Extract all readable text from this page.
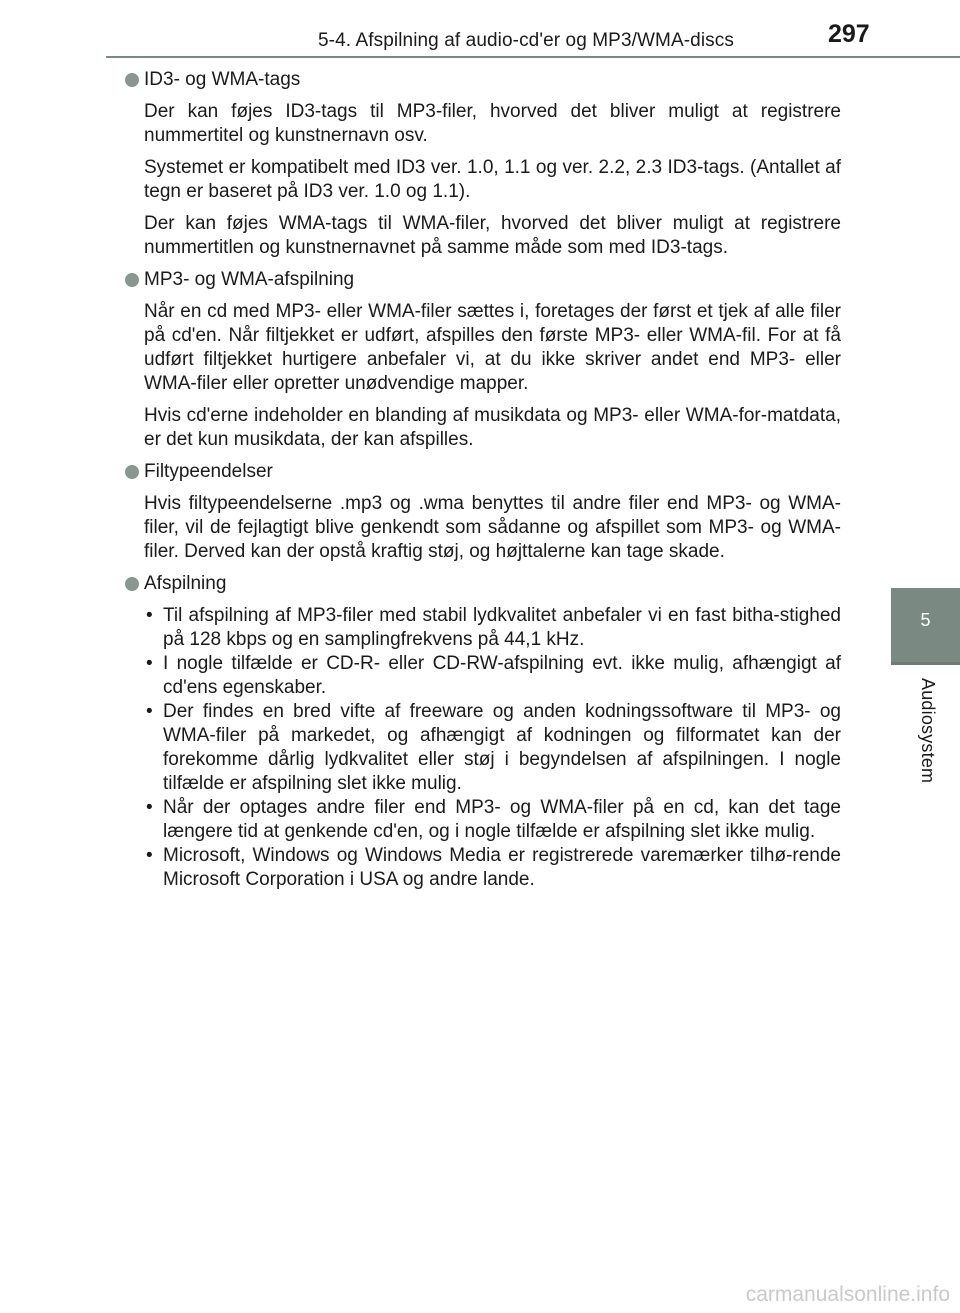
5-4. Afspilning af audio-cd'er og MP3/WMA-discs	297
5
Audiosystem
ID3- og WMA-tags

Der kan føjes ID3-tags til MP3-filer, hvorved det bliver muligt at registrere nummertitel og kunstnernavn osv.

Systemet er kompatibelt med ID3 ver. 1.0, 1.1 og ver. 2.2, 2.3 ID3-tags. (Antallet af tegn er baseret på ID3 ver. 1.0 og 1.1).

Der kan føjes WMA-tags til WMA-filer, hvorved det bliver muligt at registrere nummertitlen og kunstnernavnet på samme måde som med ID3-tags.

MP3- og WMA-afspilning

Når en cd med MP3- eller WMA-filer sættes i, foretages der først et tjek af alle filer på cd'en. Når filtjekket er udført, afspilles den første MP3- eller WMA-fil. For at få udført filtjekket hurtigere anbefaler vi, at du ikke skriver andet end MP3- eller WMA-filer eller opretter unødvendige mapper.

Hvis cd'erne indeholder en blanding af musikdata og MP3- eller WMA-for-matdata, er det kun musikdata, der kan afspilles.

Filtypeendelser

Hvis filtypeendelserne .mp3 og .wma benyttes til andre filer end MP3- og WMA-filer, vil de fejlagtigt blive genkendt som sådanne og afspillet som MP3- og WMA-filer. Derved kan der opstå kraftig støj, og højttalerne kan tage skade.

Afspilning
• Til afspilning af MP3-filer med stabil lydkvalitet anbefaler vi en fast bitha-stighed på 128 kbps og en samplingfrekvens på 44,1 kHz.
• I nogle tilfælde er CD-R- eller CD-RW-afspilning evt. ikke mulig, afhængigt af cd'ens egenskaber.
• Der findes en bred vifte af freeware og anden kodningssoftware til MP3- og WMA-filer på markedet, og afhængigt af kodningen og filformatet kan der forekomme dårlig lydkvalitet eller støj i begyndelsen af afspilningen. I nogle tilfælde er afspilning slet ikke mulig.
• Når der optages andre filer end MP3- og WMA-filer på en cd, kan det tage længere tid at genkende cd'en, og i nogle tilfælde er afspilning slet ikke mulig.
• Microsoft, Windows og Windows Media er registrerede varemærker tilhø-rende Microsoft Corporation i USA og andre lande.
carmanualsonline.info
